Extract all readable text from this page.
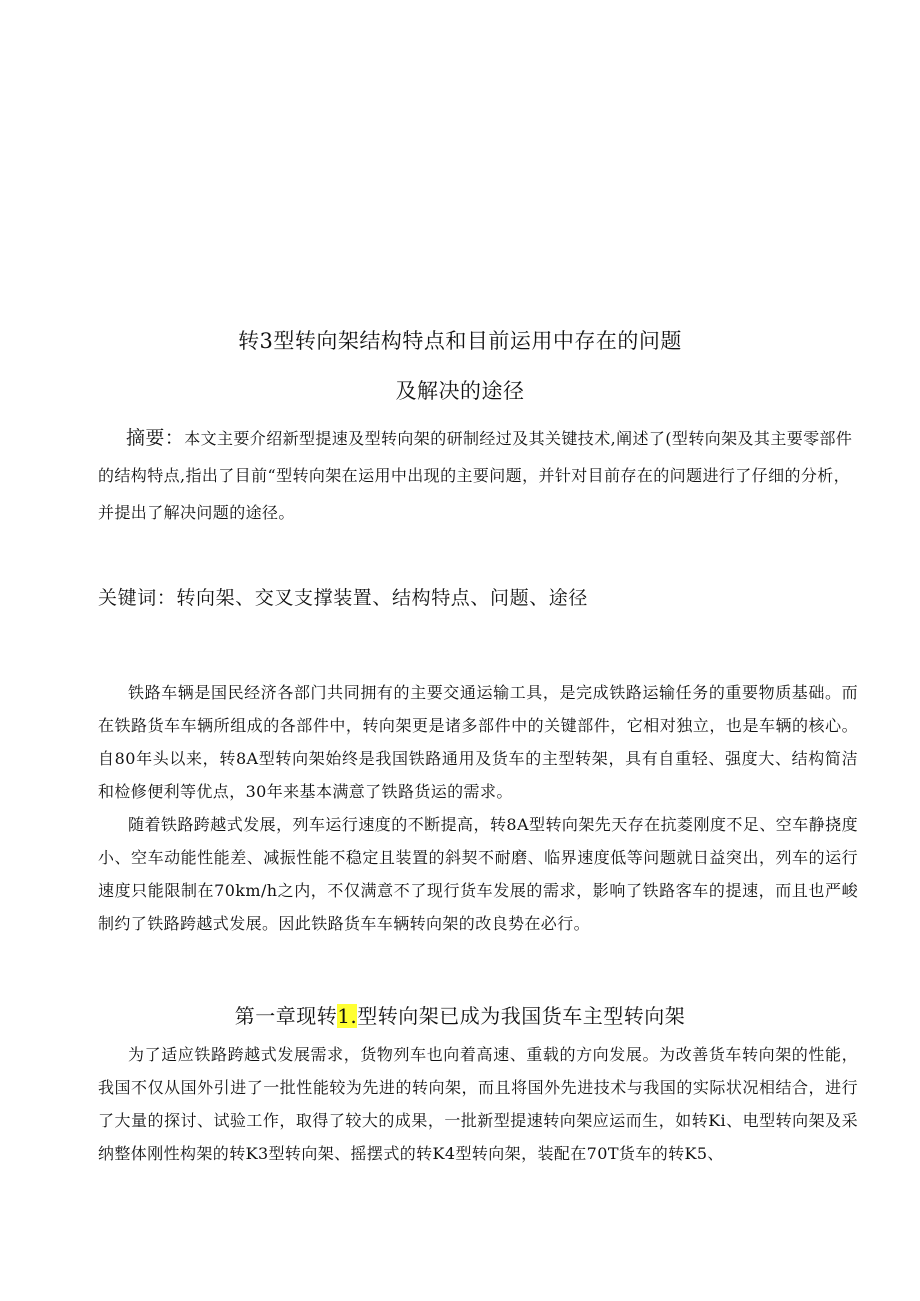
转3型转向架结构特点和目前运用中存在的问题
及解决的途径
摘要：本文主要介绍新型提速及型转向架的研制经过及其关键技术,阐述了(型转向架及其主要零部件的结构特点,指出了目前“型转向架在运用中出现的主要问题，并针对目前存在的问题进行了仔细的分析，并提出了解决问题的途径。
关键词：转向架、交叉支撑装置、结构特点、问题、途径

铁路车辆是国民经济各部门共同拥有的主要交通运输工具，是完成铁路运输任务的重要物质基础。而在铁路货车车辆所组成的各部件中，转向架更是诸多部件中的关键部件，它相对独立，也是车辆的核心。自80年头以来，转8A型转向架始终是我国铁路通用及货车的主型转架，具有自重轻、强度大、结构简洁和检修便利等优点，30年来基本满意了铁路货运的需求。

随着铁路跨越式发展，列车运行速度的不断提高，转8A型转向架先天存在抗菱刚度不足、空车静挠度小、空车动能性能差、减振性能不稳定且装置的斜契不耐磨、临界速度低等问题就日益突出，列车的运行速度只能限制在70km/h之内，不仅满意不了现行货车发展的需求，影响了铁路客车的提速，而且也严峻制约了铁路跨越式发展。因此铁路货车车辆转向架的改良势在必行。

第一章现转1.型转向架已成为我国货车主型转向架

为了适应铁路跨越式发展需求，货物列车也向着高速、重载的方向发展。为改善货车转向架的性能，我国不仅从国外引进了一批性能较为先进的转向架，而且将国外先进技术与我国的实际状况相结合，进行了大量的探讨、试验工作，取得了较大的成果，一批新型提速转向架应运而生，如转Ki、电型转向架及采纳整体刚性构架的转K3型转向架、摇摆式的转K4型转向架，装配在70T货车的转K5、
